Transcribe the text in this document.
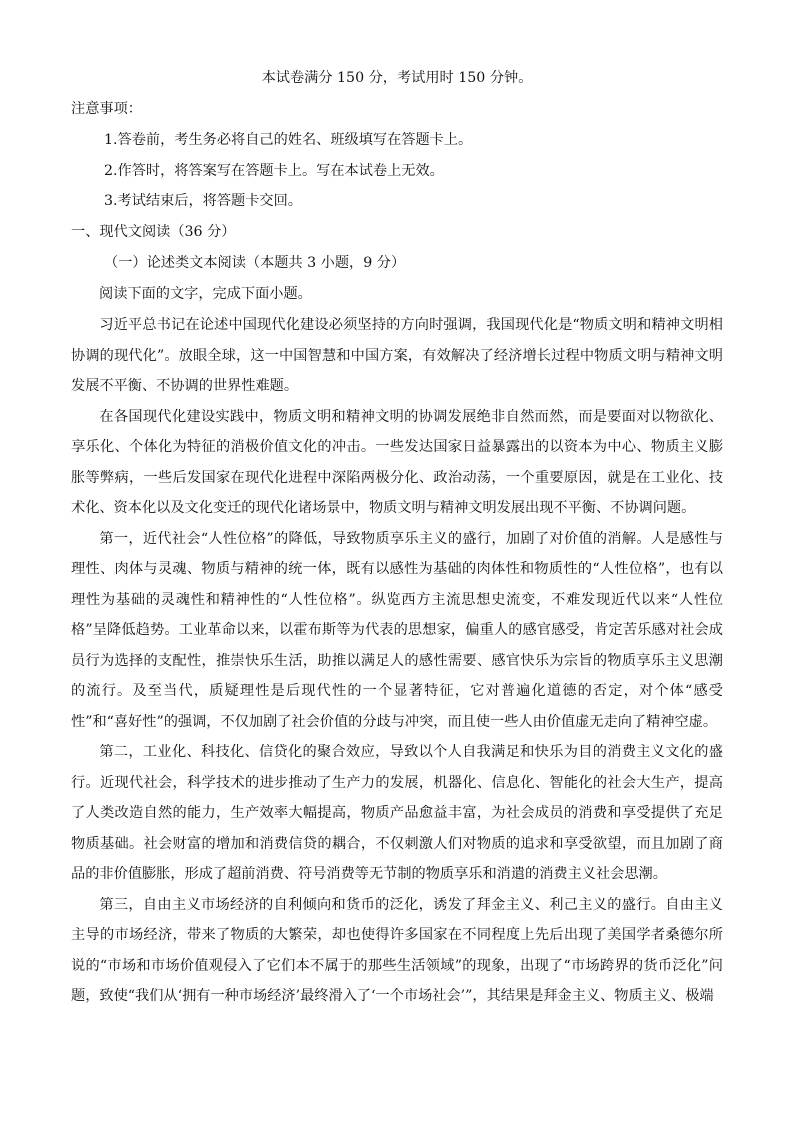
本试卷满分 150 分，考试用时 150 分钟。
注意事项：
1.答卷前，考生务必将自己的姓名、班级填写在答题卡上。
2.作答时，将答案写在答题卡上。写在本试卷上无效。
3.考试结束后，将答题卡交回。
一、现代文阅读（36 分）
（一）论述类文本阅读（本题共 3 小题，9 分）
阅读下面的文字，完成下面小题。

习近平总书记在论述中国现代化建设必须坚持的方向时强调，我国现代化是“物质文明和精神文明相协调的现代化”。放眼全球，这一中国智慧和中国方案，有效解决了经济增长过程中物质文明与精神文明发展不平衡、不协调的世界性难题。

在各国现代化建设实践中，物质文明和精神文明的协调发展绝非自然而然，而是要面对以物欲化、享乐化、个体化为特征的消极价值文化的冲击。一些发达国家日益暴露出的以资本为中心、物质主义膨胀等弊病，一些后发国家在现代化进程中深陷两极分化、政治动荡，一个重要原因，就是在工业化、技术化、资本化以及文化变迁的现代化诸场景中，物质文明与精神文明发展出现不平衡、不协调问题。

第一，近代社会“人性位格”的降低，导致物质享乐主义的盛行，加剧了对价值的消解。人是感性与理性、肉体与灵魂、物质与精神的统一体，既有以感性为基础的肉体性和物质性的“人性位格”，也有以理性为基础的灵魂性和精神性的“人性位格”。纵览西方主流思想史流变，不难发现近代以来“人性位格”呈降低趋势。工业革命以来，以霍布斯等为代表的思想家，偏重人的感官感受，肯定苦乐感对社会成员行为选择的支配性，推崇快乐生活，助推以满足人的感性需要、感官快乐为宗旨的物质享乐主义思潮的流行。及至当代，质疑理性是后现代性的一个显著特征，它对普遍化道德的否定，对个体“感受性”和“喜好性”的强调，不仅加剧了社会价值的分歧与冲突，而且使一些人由价值虚无走向了精神空虚。

第二，工业化、科技化、信贷化的聚合效应，导致以个人自我满足和快乐为目的消费主义文化的盛行。近现代社会，科学技术的进步推动了生产力的发展，机器化、信息化、智能化的社会大生产，提高了人类改造自然的能力，生产效率大幅提高，物质产品愈益丰富，为社会成员的消费和享受提供了充足物质基础。社会财富的增加和消费信贷的耦合，不仅刺激人们对物质的追求和享受欲望，而且加剧了商品的非价值膨胀，形成了超前消费、符号消费等无节制的物质享乐和消遣的消费主义社会思潮。

第三，自由主义市场经济的自利倾向和货币的泛化，诱发了拜金主义、利己主义的盛行。自由主义主导的市场经济，带来了物质的大繁荣，却也使得许多国家在不同程度上先后出现了美国学者桑德尔所说的“市场和市场价值观侵入了它们本不属于的那些生活领域”的现象，出现了“市场跨界的货币泛化”问题，致使“我们从‘拥有一种市场经济’最终滑入了‘一个市场社会’”，其结果是拜金主义、物质主义、极端
